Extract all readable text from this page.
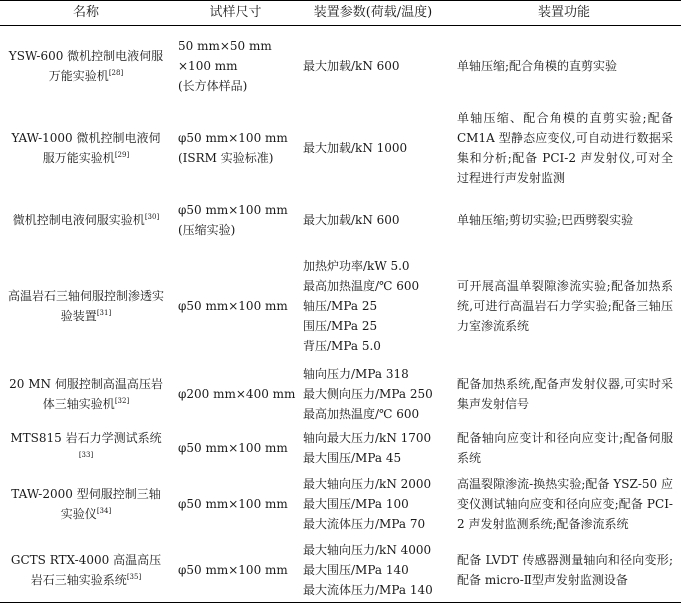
名称	试样尺寸	装置参数(荷载/温度)	装置功能
YSW-600 微机控制电液伺服万能实验机[28]	50 mm×50 mm
×100 mm
(长方体样品)	最大加载/kN 600	单轴压缩;配合角模的直剪实验
YAW-1000 微机控制电液伺服万能实验机[29]	φ50 mm×100 mm
(ISRM 实验标准)	最大加载/kN 1000	单轴压缩、配合角模的直剪实验;配备 CM1A 型静态应变仪,可自动进行数据采集和分析;配备 PCI-2 声发射仪,可对全过程进行声发射监测
微机控制电液伺服实验机[30]	φ50 mm×100 mm
(压缩实验)	最大加载/kN 600	单轴压缩;剪切实验;巴西劈裂实验
高温岩石三轴伺服控制渗透实验装置[31]	φ50 mm×100 mm	加热炉功率/kW 5.0
最高加热温度/℃ 600
轴压/MPa 25
围压/MPa 25
背压/MPa 5.0	可开展高温单裂隙渗流实验;配备加热系统,可进行高温岩石力学实验;配备三轴压力室渗流系统
20 MN 伺服控制高温高压岩体三轴实验机[32]	φ200 mm×400 mm	轴向压力/MPa 318
最大侧向压力/MPa 250
最高加热温度/℃ 600	配备加热系统,配备声发射仪器,可实时采集声发射信号
MTS815 岩石力学测试系统[33]	φ50 mm×100 mm	轴向最大压力/kN 1700
最大围压/MPa 45	配备轴向应变计和径向应变计;配备伺服系统
TAW-2000 型伺服控制三轴实验仪[34]	φ50 mm×100 mm	最大轴向压力/kN 2000
最大围压/MPa 100
最大流体压力/MPa 70	高温裂隙渗流-换热实验;配备 YSZ-50 应变仪测试轴向应变和径向应变;配备 PCI-2 声发射监测系统;配备渗流系统
GCTS RTX-4000 高温高压岩石三轴实验系统[35]	φ50 mm×100 mm	最大轴向压力/kN 4000
最大围压/MPa 140
最大流体压力/MPa 140	配备 LVDT 传感器测量轴向和径向变形;配备 micro-Ⅱ型声发射监测设备
